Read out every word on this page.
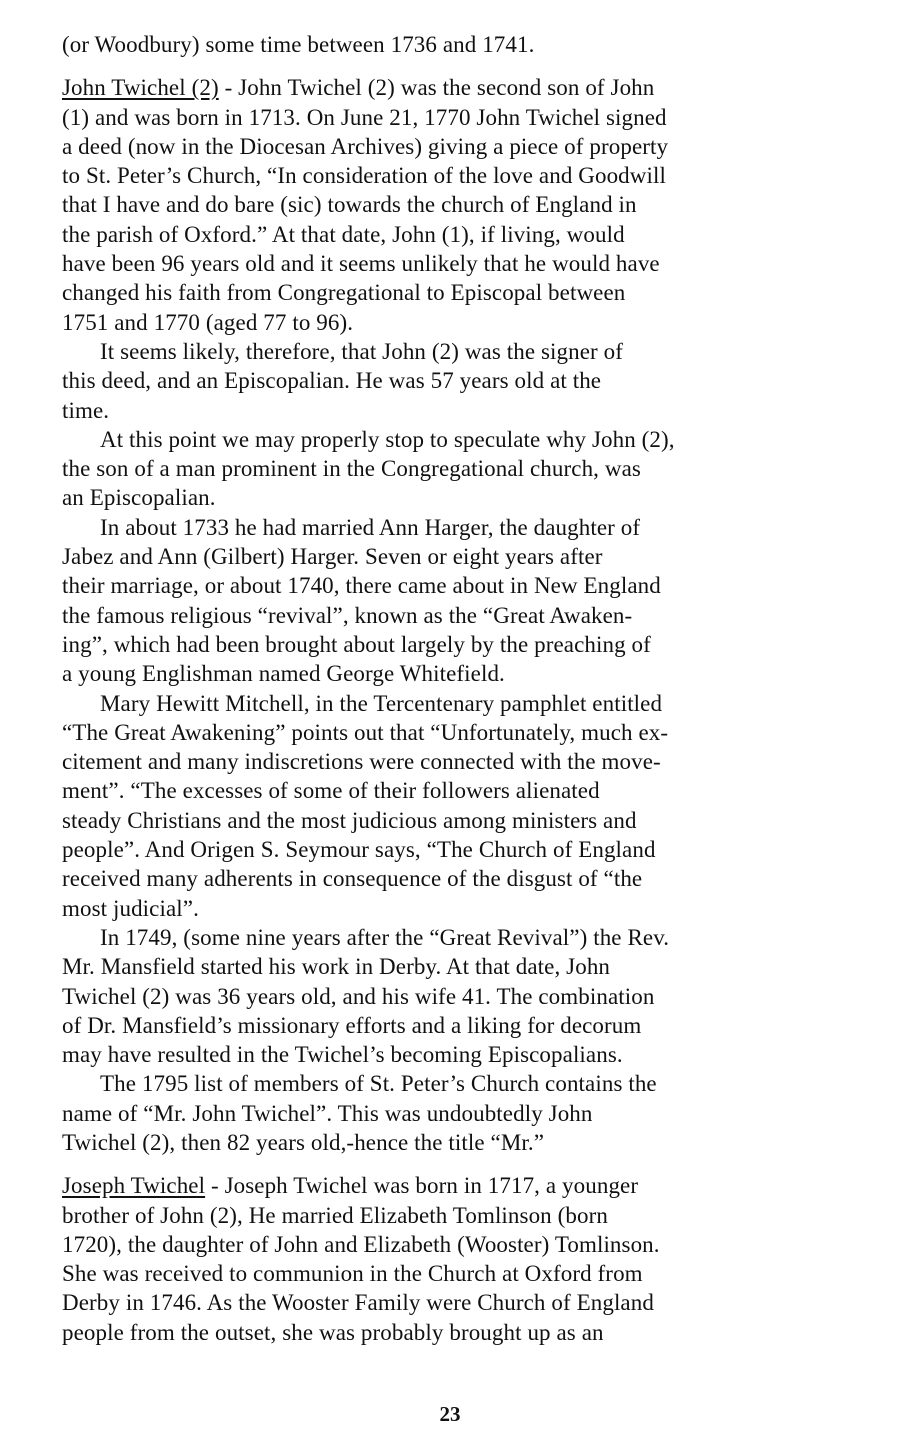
(or Woodbury) some time between 1736 and 1741.
John Twichel (2) - John Twichel (2) was the second son of John
(1) and was born in 1713. On June 21, 1770 John Twichel signed
a deed (now in the Diocesan Archives) giving a piece of property
to St. Peter’s Church, “In consideration of the love and Goodwill
that I have and do bare (sic) towards the church of England in
the parish of Oxford.” At that date, John (1), if living, would
have been 96 years old and it seems unlikely that he would have
changed his faith from Congregational to Episcopal between
1751 and 1770 (aged 77 to 96).
It seems likely, therefore, that John (2) was the signer of
this deed, and an Episcopalian. He was 57 years old at the
time.
At this point we may properly stop to speculate why John (2),
the son of a man prominent in the Congregational church, was
an Episcopalian.
In about 1733 he had married Ann Harger, the daughter of
Jabez and Ann (Gilbert) Harger. Seven or eight years after
their marriage, or about 1740, there came about in New England
the famous religious “revival”, known as the “Great Awaken-
ing”, which had been brought about largely by the preaching of
a young Englishman named George Whitefield.
Mary Hewitt Mitchell, in the Tercentenary pamphlet entitled
“The Great Awakening” points out that “Unfortunately, much ex-
citement and many indiscretions were connected with the move-
ment”. “The excesses of some of their followers alienated
steady Christians and the most judicious among ministers and
people”. And Origen S. Seymour says, “The Church of England
received many adherents in consequence of the disgust of “the
most judicial”.
In 1749, (some nine years after the “Great Revival”) the Rev.
Mr. Mansfield started his work in Derby. At that date, John
Twichel (2) was 36 years old, and his wife 41. The combination
of Dr. Mansfield’s missionary efforts and a liking for decorum
may have resulted in the Twichel’s becoming Episcopalians.
The 1795 list of members of St. Peter’s Church contains the
name of “Mr. John Twichel”. This was undoubtedly John
Twichel (2), then 82 years old,-hence the title “Mr.”
Joseph Twichel - Joseph Twichel was born in 1717, a younger
brother of John (2), He married Elizabeth Tomlinson (born
1720), the daughter of John and Elizabeth (Wooster) Tomlinson.
She was received to communion in the Church at Oxford from
Derby in 1746. As the Wooster Family were Church of England
people from the outset, she was probably brought up as an
23
